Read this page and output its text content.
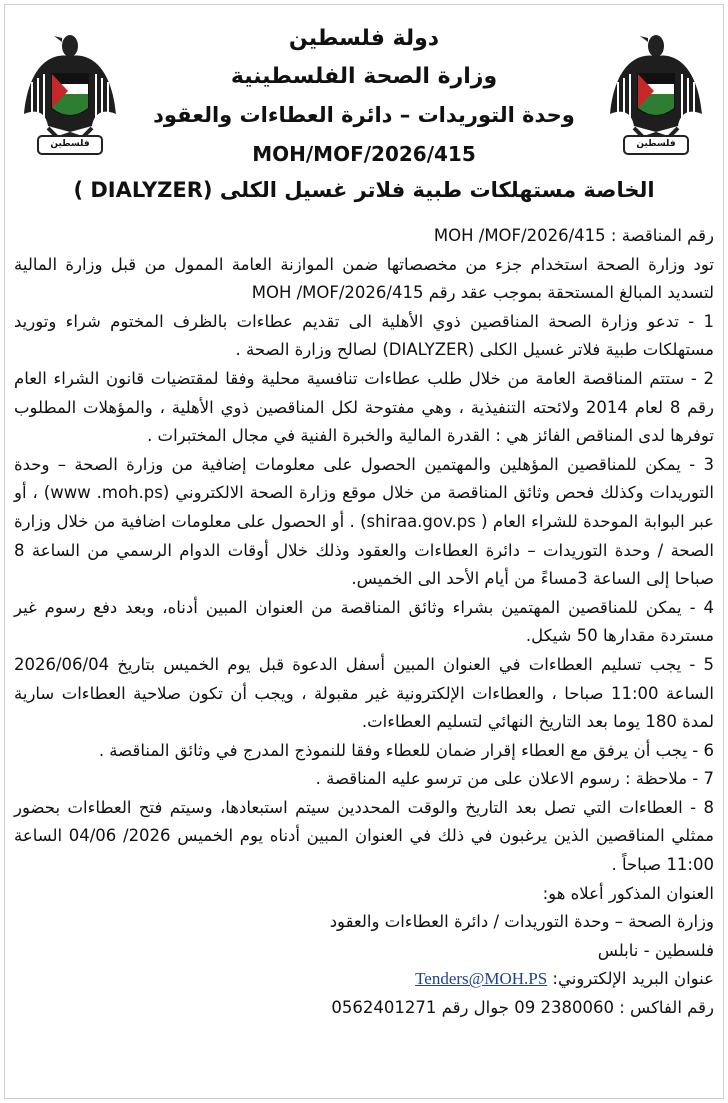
فلسطين	فلسطين
دولة فلسطين
وزارة الصحة الفلسطينية
وحدة التوريدات – دائرة العطاءات والعقود
MOH/MOF/2026/415
الخاصة مستهلكات طبية فلاتر غسيل الكلى (DIALYZER )

رقم المناقصة : MOH /MOF/2026/415

تود وزارة الصحة استخدام جزء من مخصصاتها ضمن الموازنة العامة الممول من قبل وزارة المالية لتسديد المبالغ المستحقة بموجب عقد رقم MOH /MOF/2026/415

1 - تدعو وزارة الصحة المناقصين ذوي الأهلية الى تقديم عطاءات بالظرف المختوم شراء وتوريد مستهلكات طبية فلاتر غسيل الكلى (DIALYZER) لصالح وزارة الصحة .

2 - ستتم المناقصة العامة من خلال طلب عطاءات تنافسية محلية وفقا لمقتضيات قانون الشراء العام رقم 8 لعام 2014 ولائحته التنفيذية ، وهي مفتوحة لكل المناقصين ذوي الأهلية ، والمؤهلات المطلوب توفرها لدى المناقص الفائز هي : القدرة المالية والخبرة الفنية في مجال المختبرات .

3 - يمكن للمناقصين المؤهلين والمهتمين الحصول على معلومات إضافية من وزارة الصحة – وحدة التوريدات وكذلك فحص وثائق المناقصة من خلال موقع وزارة الصحة الالكتروني (www .moh.ps) ، أو عبر البوابة الموحدة للشراء العام ( shiraa.gov.ps) . أو الحصول على معلومات اضافية من خلال وزارة الصحة / وحدة التوريدات – دائرة العطاءات والعقود وذلك خلال أوقات الدوام الرسمي من الساعة 8 صباحا إلى الساعة 3مساءً من أيام الأحد الى الخميس.

4 - يمكن للمناقصين المهتمين بشراء وثائق المناقصة من العنوان المبين أدناه، وبعد دفع رسوم غير مستردة مقدارها 50 شيكل.

5 - يجب تسليم العطاءات في العنوان المبين أسفل الدعوة قبل يوم الخميس بتاريخ 2026/06/04 الساعة 11:00 صباحا ، والعطاءات الإلكترونية غير مقبولة ، ويجب أن تكون صلاحية العطاءات سارية لمدة 180 يوما بعد التاريخ النهائي لتسليم العطاءات.

6 - يجب أن يرفق مع العطاء إقرار ضمان للعطاء وفقا للنموذج المدرج في وثائق المناقصة .

7 - ملاحظة : رسوم الاعلان على من ترسو عليه المناقصة .

8 - العطاءات التي تصل بعد التاريخ والوقت المحددين سيتم استبعادها، وسيتم فتح العطاءات بحضور ممثلي المناقصين الذين يرغبون في ذلك في العنوان المبين أدناه يوم الخميس 2026/ 04/06 الساعة 11:00 صباحاً .

العنوان المذكور أعلاه هو:

وزارة الصحة – وحدة التوريدات / دائرة العطاءات والعقود

فلسطين - نابلس

عنوان البريد الإلكتروني: Tenders@MOH.PS

رقم الفاكس : 2380060 09 جوال رقم 0562401271
